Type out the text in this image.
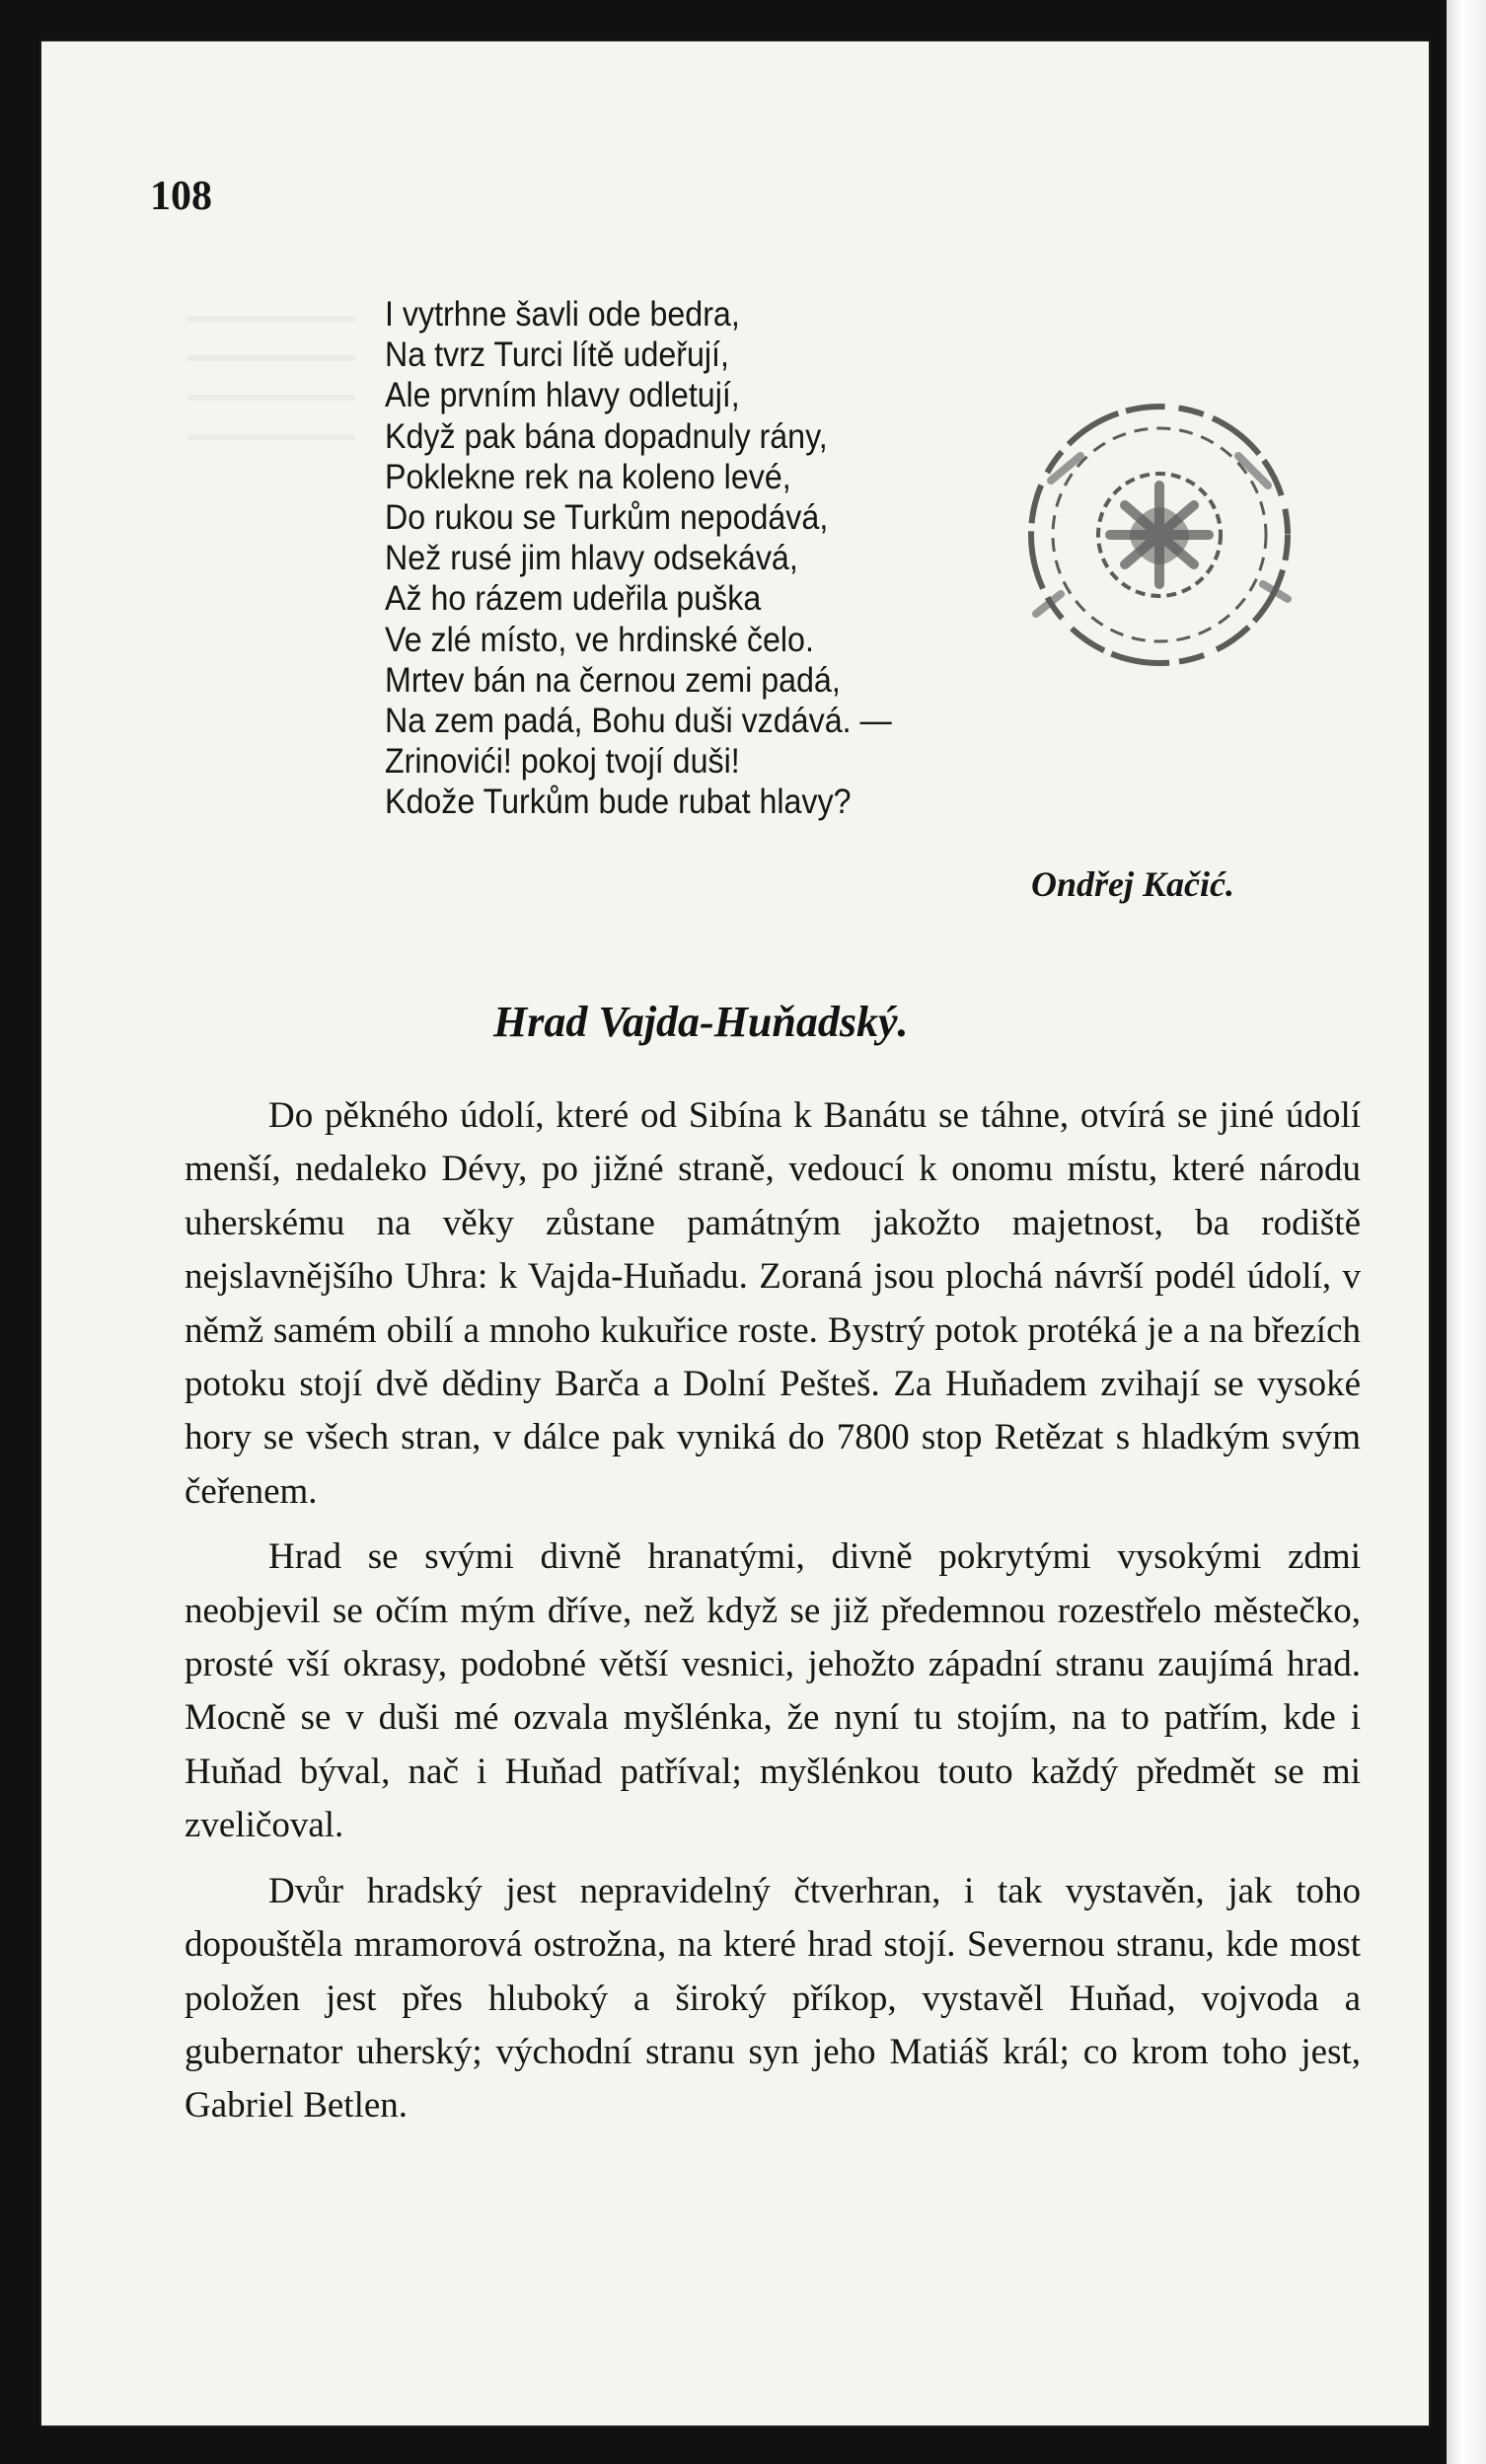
108
I vytrhne šavli ode bedra,
Na tvrz Turci lítě udeřují,
Ale prvním hlavy odletují,
Když pak bána dopadnuly rány,
Poklekne rek na koleno levé,
Do rukou se Turkům nepodává,
Než rusé jim hlavy odsekává,
Až ho rázem udeřila puška
Ve zlé místo, ve hrdinské čelo.
Mrtev bán na černou zemi padá,
Na zem padá, Bohu duši vzdává. —
Zrinovići! pokoj tvojí duši!
Kdože Turkům bude rubat hlavy?
Ondřej Kačić.
Hrad Vajda-Huňadský.

Do pěkného údolí, které od Sibína k Banátu se táhne, otvírá se jiné údolí menší, nedaleko Dévy, po jižné straně, vedoucí k onomu místu, které národu uherskému na věky zůstane památným jakožto majetnost, ba rodiště nejslavnějšího Uhra: k Vajda-Huňadu. Zoraná jsou plochá návrší podél údolí, v němž samém obilí a mnoho kukuřice roste. Bystrý potok protéká je a na březích potoku stojí dvě dědiny Barča a Dolní Pešteš. Za Huňadem zvihají se vysoké hory se všech stran, v dálce pak vyniká do 7800 stop Retězat s hladkým svým čeřenem.

Hrad se svými divně hranatými, divně pokrytými vysokými zdmi neobjevil se očím mým dříve, než když se již předemnou rozestřelo městečko, prosté vší okrasy, podobné větší vesnici, jehožto západní stranu zaujímá hrad. Mocně se v duši mé ozvala myšlénka, že nyní tu stojím, na to patřím, kde i Huňad býval, nač i Huňad patříval; myšlénkou touto každý předmět se mi zveličoval.

Dvůr hradský jest nepravidelný čtverhran, i tak vystavěn, jak toho dopouštěla mramorová ostrožna, na které hrad stojí. Severnou stranu, kde most položen jest přes hluboký a široký příkop, vystavěl Huňad, vojvoda a gubernator uherský; východní stranu syn jeho Matiáš král; co krom toho jest, Gabriel Betlen.
